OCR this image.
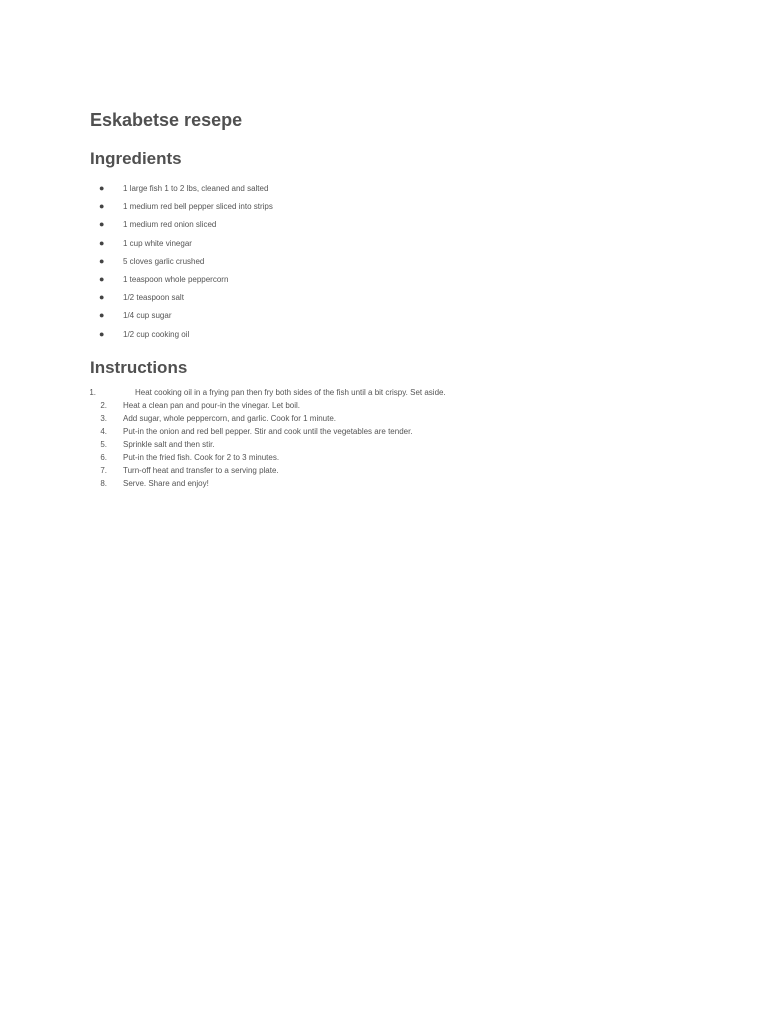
Eskabetse resepe
Ingredients
● 1 large fish 1 to 2 lbs, cleaned and salted
● 1 medium red bell pepper sliced into strips
● 1 medium red onion sliced
● 1 cup white vinegar
● 5 cloves garlic crushed
● 1 teaspoon whole peppercorn
● 1/2 teaspoon salt
● 1/4 cup sugar
● 1/2 cup cooking oil
Instructions
1.	Heat cooking oil in a frying pan then fry both sides of the fish until a bit crispy. Set aside.
2. Heat a clean pan and pour-in the vinegar. Let boil.
3. Add sugar, whole peppercorn, and garlic. Cook for 1 minute.
4. Put-in the onion and red bell pepper. Stir and cook until the vegetables are tender.
5. Sprinkle salt and then stir.
6. Put-in the fried fish. Cook for 2 to 3 minutes.
7. Turn-off heat and transfer to a serving plate.
8. Serve. Share and enjoy!
